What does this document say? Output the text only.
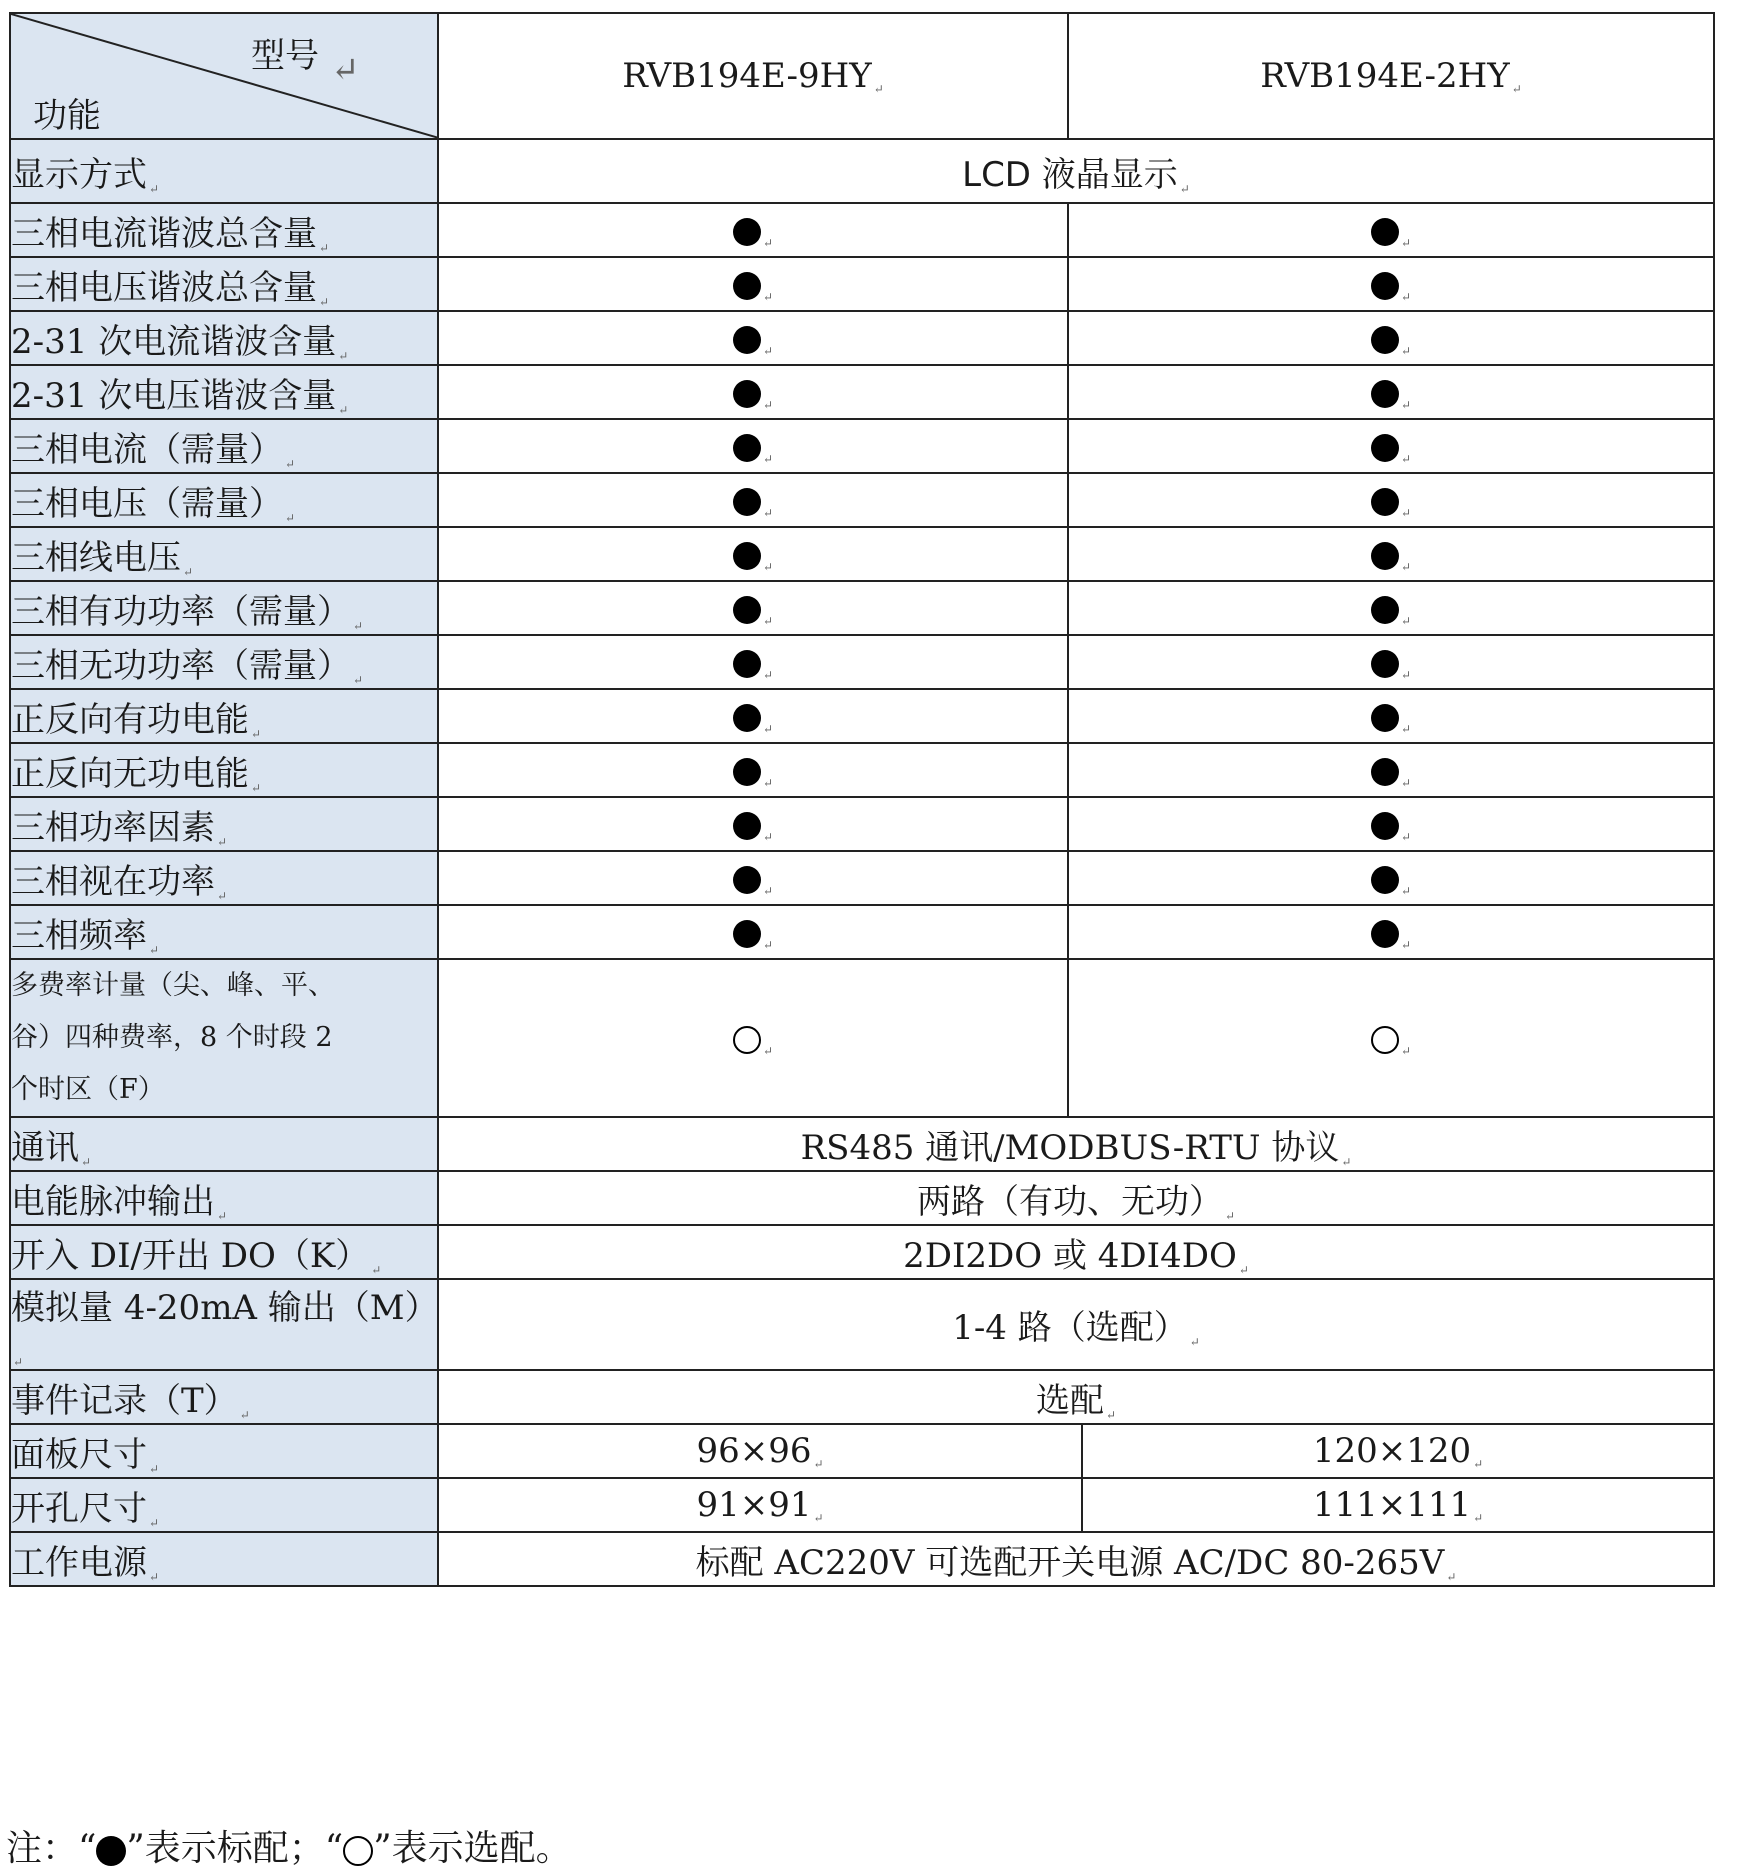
型号 ↵
功能	RVB194E-9HY ↵	RVB194E-2HY ↵	
显示方式 ↵	LCD 液晶显示 ↵		
三相电流谐波总含量 ↵	↵	↵	
三相电压谐波总含量 ↵	↵	↵	
2-31 次电流谐波含量 ↵	↵	↵	
2-31 次电压谐波含量 ↵	↵	↵	
三相电流（需量） ↵	↵	↵	
三相电压（需量） ↵	↵	↵	
三相线电压 ↵	↵	↵	
三相有功功率（需量） ↵	↵	↵	
三相无功功率（需量） ↵	↵	↵	
正反向有功电能 ↵	↵	↵	
正反向无功电能 ↵	↵	↵	
三相功率因素 ↵	↵	↵	
三相视在功率 ↵	↵	↵	
三相频率 ↵	↵	↵	

多费率计量（尖、峰、平、
谷）四种费率，8 个时段 2
个时区（F）	↵	↵	
通讯 ↵	RS485 通讯/MODBUS-RTU 协议 ↵		
电能脉冲输出 ↵	两路（有功、无功） ↵		
开入 DI/开出 DO（K） ↵	2DI2DO 或 4DI4DO ↵		
模拟量 4-20mA 输出（M）↵	1-4 路（选配） ↵		
事件记录（T） ↵	选配 ↵		
面板尺寸 ↵	96×96 ↵		120×120 ↵
开孔尺寸 ↵	91×91 ↵		111×111 ↵
工作电源 ↵	标配 AC220V 可选配开关电源 AC/DC 80-265V ↵		
注：“ ”表示标配；“ ”表示选配。
